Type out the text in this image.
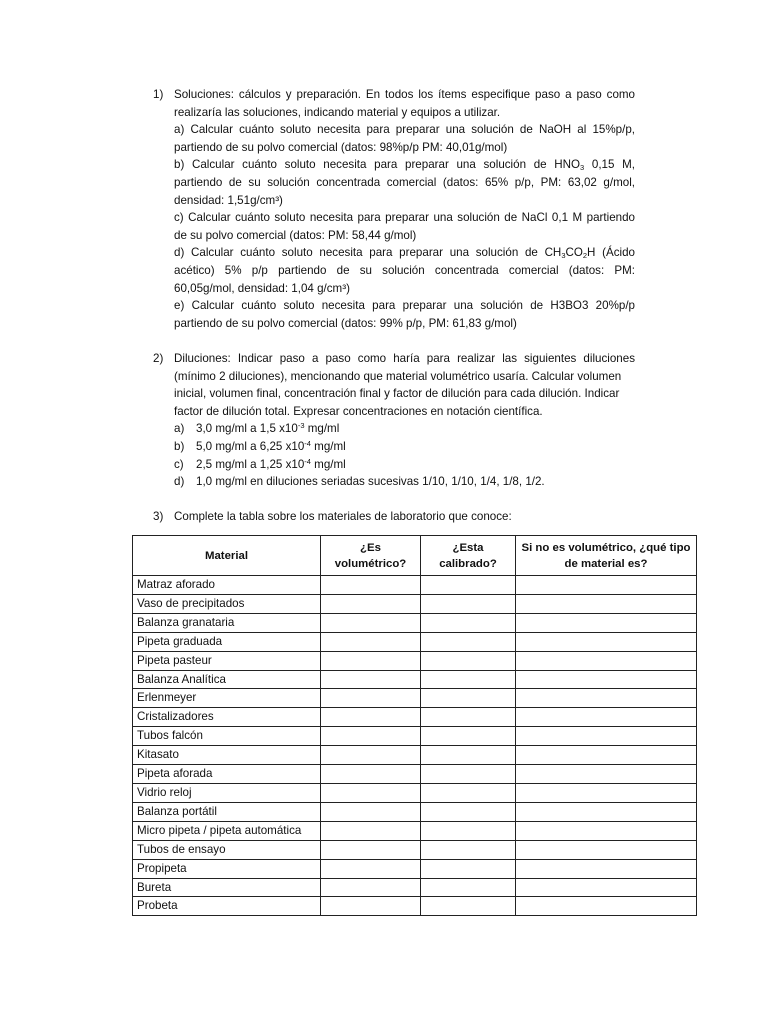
1) Soluciones: cálculos y preparación. En todos los ítems especifique paso a paso como
realizaría las soluciones, indicando material y equipos a utilizar.
a) Calcular cuánto soluto necesita para preparar una solución de NaOH al 15%p/p,
partiendo de su polvo comercial (datos: 98%p/p PM: 40,01g/mol)
b) Calcular cuánto soluto necesita para preparar una solución de $HNO_3$ 0,15 M,
partiendo de su solución concentrada comercial (datos: 65% p/p, PM: 63,02 g/mol,
densidad: 1,51g/cm³)
c) Calcular cuánto soluto necesita para preparar una solución de NaCl 0,1 M partiendo
de su polvo comercial (datos: PM: 58,44 g/mol)
d) Calcular cuánto soluto necesita para preparar una solución de $CH_3CO_2H$ (Ácido
acético) 5% p/p partiendo de su solución concentrada comercial (datos: PM:
60,05g/mol, densidad: 1,04 g/cm³)
e) Calcular cuánto soluto necesita para preparar una solución de H3BO3 20%p/p
partiendo de su polvo comercial (datos: 99% p/p, PM: 61,83 g/mol)
2) Diluciones: Indicar paso a paso como haría para realizar las siguientes diluciones
(mínimo 2 diluciones), mencionando que material volumétrico usaría. Calcular volumen
inicial, volumen final, concentración final y factor de dilución para cada dilución. Indicar
factor de dilución total. Expresar concentraciones en notación científica.
a) 3,0 mg/ml a 1,5 $x10^{-3}$ mg/ml
b) 5,0 mg/ml a 6,25 $x10^{-4}$ mg/ml
c) 2,5 mg/ml a 1,25 $x10^{-4}$ mg/ml
d) 1,0 mg/ml en diluciones seriadas sucesivas 1/10, 1/10, 1/4, 1/8, 1/2.
3) Complete la tabla sobre los materiales de laboratorio que conoce:
Material	¿Es volumétrico?	¿Esta
calibrado?	Si no es volumétrico, ¿qué tipo
de material es?
Matraz aforado			
Vaso de precipitados			
Balanza granataria			
Pipeta graduada			
Pipeta pasteur			
Balanza Analítica			
Erlenmeyer			
Cristalizadores			
Tubos falcón			
Kitasato			
Pipeta aforada			
Vidrio reloj			
Balanza portátil			
Micro pipeta / pipeta automática			
Tubos de ensayo			
Propipeta			
Bureta			
Probeta			
